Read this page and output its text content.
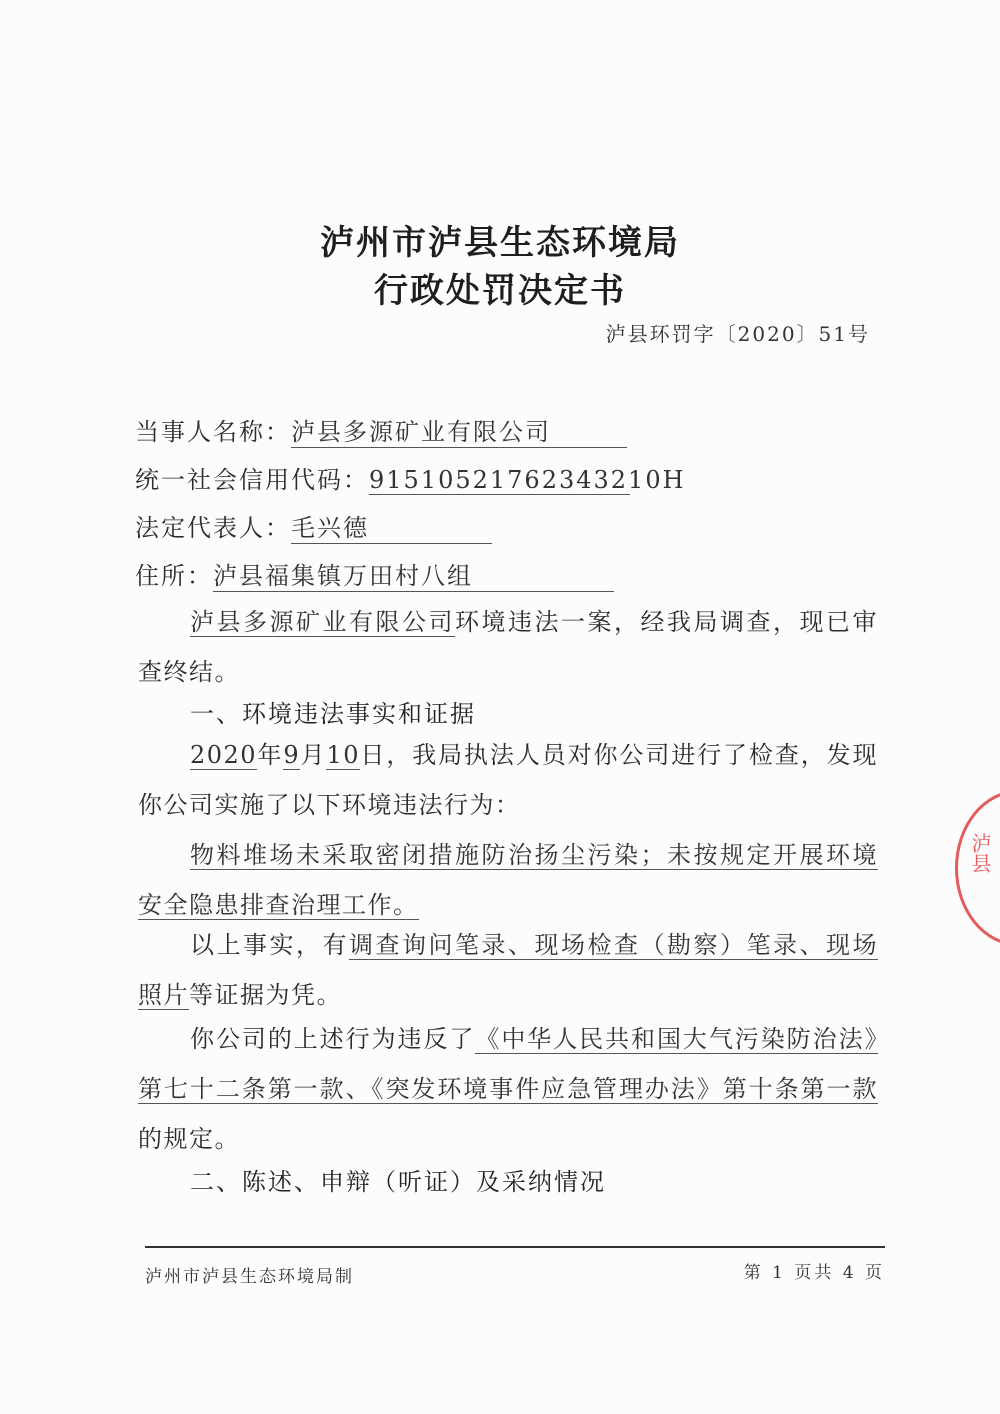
泸州市泸县生态环境局
行政处罚决定书
泸县环罚字〔2020〕51号
当事人名称：泸县多源矿业有限公司
统一社会信用代码：91510521762343210H
法定代表人：毛兴德
住所：泸县福集镇万田村八组
泸县多源矿业有限公司环境违法一案，经我局调查，现已审查终结。
一、环境违法事实和证据
2020年9月10日，我局执法人员对你公司进行了检查，发现你公司实施了以下环境违法行为：
物料堆场未采取密闭措施防治扬尘污染；未按规定开展环境安全隐患排查治理工作。
以上事实，有调查询问笔录、现场检查（勘察）笔录、现场照片等证据为凭。
你公司的上述行为违反了《中华人民共和国大气污染防治法》第七十二条第一款、《突发环境事件应急管理办法》第十条第一款的规定。
二、陈述、申辩（听证）及采纳情况
泸州市泸县生态环境局制	第 1 页共 4 页
泸县
